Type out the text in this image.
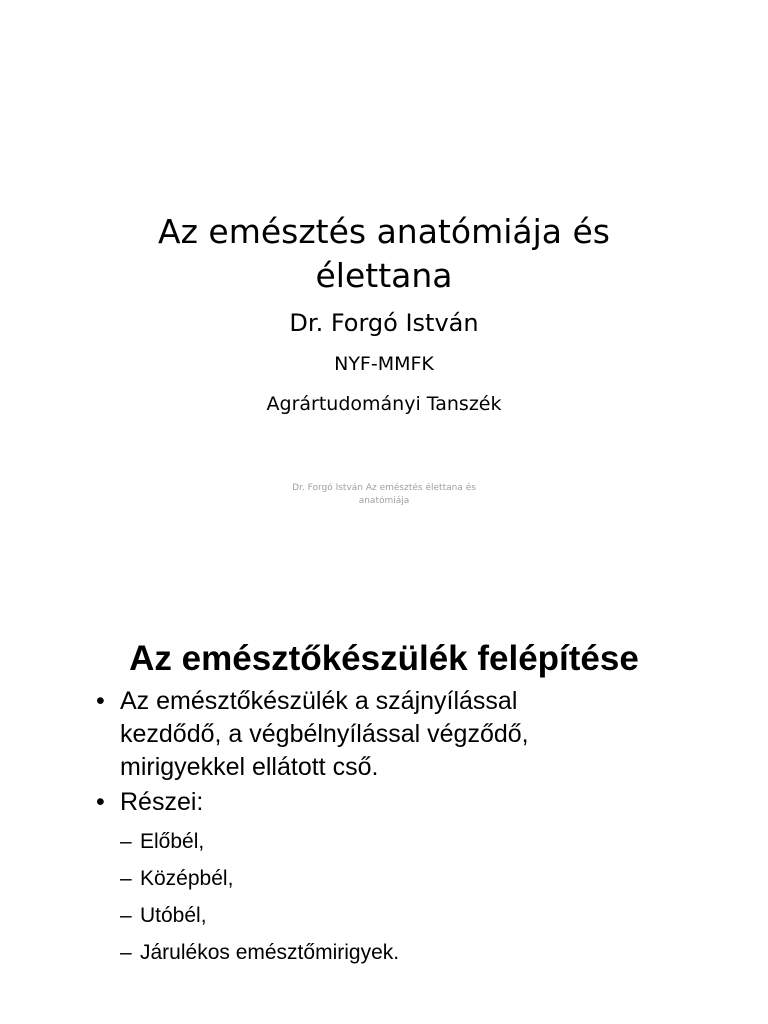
Az emésztés anatómiája és
élettana
Dr. Forgó István
NYF-MMFK
Agrártudományi Tanszék
Dr. Forgó István Az emésztés élettana és
anatómiája
Az emésztőkészülék felépítése
• Az emésztőkészülék a szájnyílással
kezdődő, a végbélnyílással végződő,
mirigyekkel ellátott cső.
• Részei:
– Előbél,
– Középbél,
– Utóbél,
– Járulékos emésztőmirigyek.
